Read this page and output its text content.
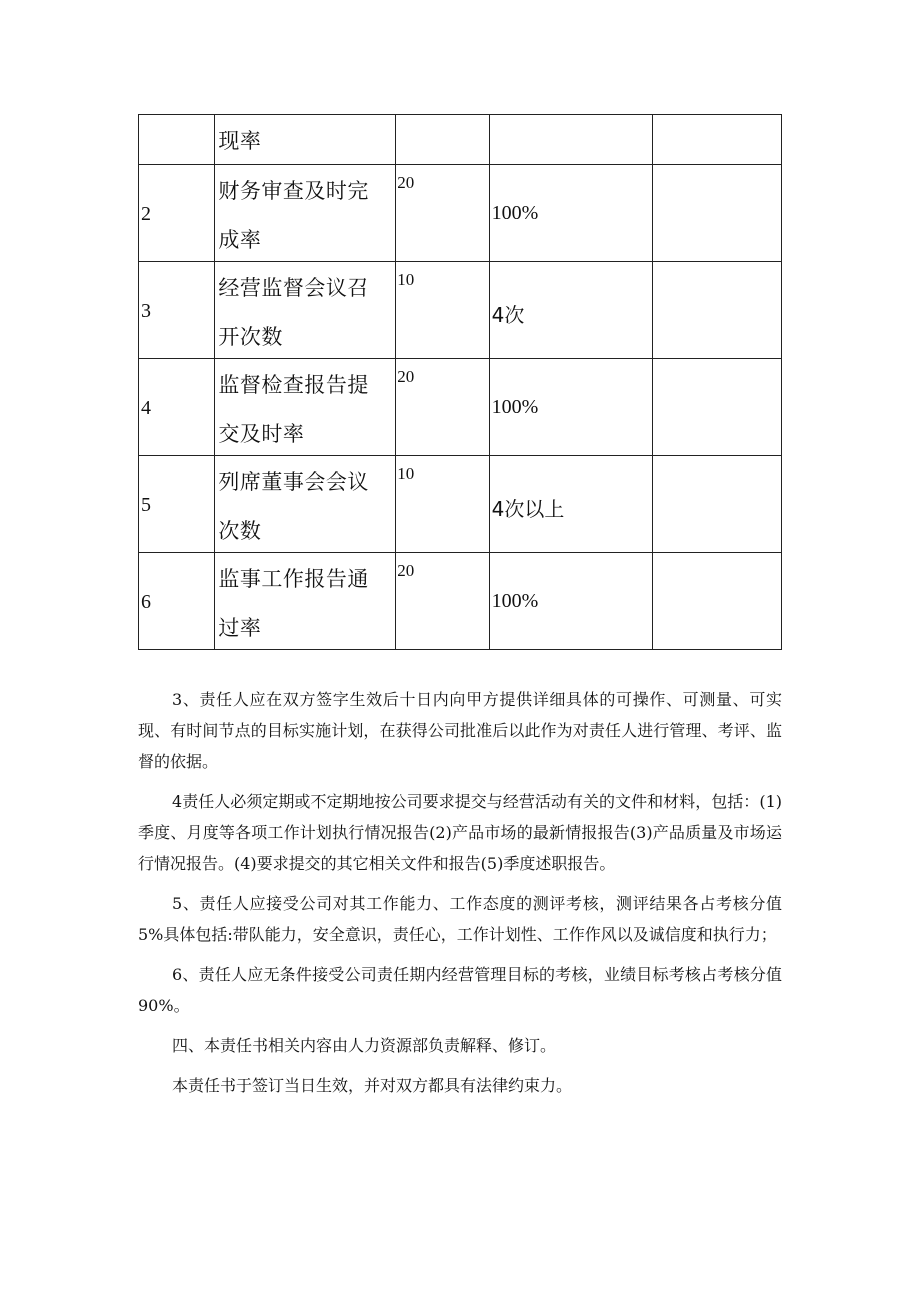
	现率			

2	财务审查及时完成率	20	100%	

3	经营监督会议召开次数	10	4次	

4	监督检查报告提交及时率	20	100%	

5	列席董事会会议次数	10	4次以上	

6	监事工作报告通过率	20	100%	

3、责任人应在双方签字生效后十日内向甲方提供详细具体的可操作、可测量、可实现、有时间节点的目标实施计划，在获得公司批准后以此作为对责任人进行管理、考评、监督的依据。

4责任人必须定期或不定期地按公司要求提交与经营活动有关的文件和材料，包括：(1)季度、月度等各项工作计划执行情况报告(2)产品市场的最新情报报告(3)产品质量及市场运行情况报告。(4)要求提交的其它相关文件和报告(5)季度述职报告。

5、责任人应接受公司对其工作能力、工作态度的测评考核，测评结果各占考核分值5%具体包括:带队能力，安全意识，责任心，工作计划性、工作作风以及诚信度和执行力；

6、责任人应无条件接受公司责任期内经营管理目标的考核，业绩目标考核占考核分值90%。

四、本责任书相关内容由人力资源部负责解释、修订。

本责任书于签订当日生效，并对双方都具有法律约束力。
